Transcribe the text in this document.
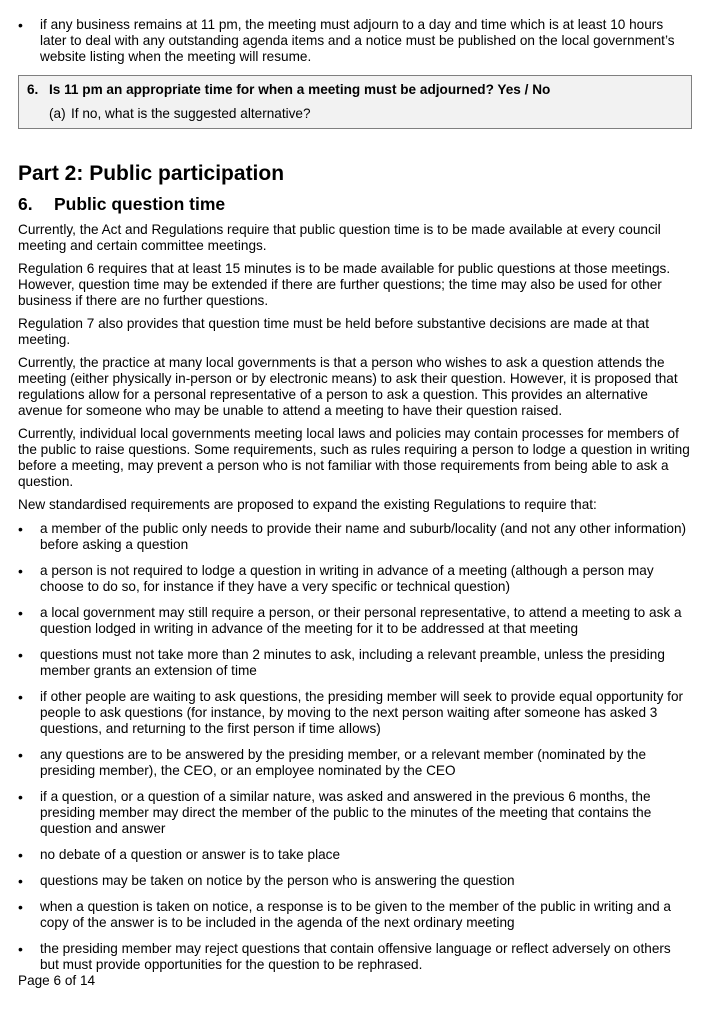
• if any business remains at 11 pm, the meeting must adjourn to a day and time which is at least 10 hours later to deal with any outstanding agenda items and a notice must be published on the local government’s website listing when the meeting will resume.
6. Is 11 pm an appropriate time for when a meeting must be adjourned? Yes / No
(a) If no, what is the suggested alternative?
Part 2: Public participation
6.	Public question time

Currently, the Act and Regulations require that public question time is to be made available at every council meeting and certain committee meetings.

Regulation 6 requires that at least 15 minutes is to be made available for public questions at those meetings. However, question time may be extended if there are further questions; the time may also be used for other business if there are no further questions.

Regulation 7 also provides that question time must be held before substantive decisions are made at that meeting.

Currently, the practice at many local governments is that a person who wishes to ask a question attends the meeting (either physically in-person or by electronic means) to ask their question. However, it is proposed that regulations allow for a personal representative of a person to ask a question. This provides an alternative avenue for someone who may be unable to attend a meeting to have their question raised.

Currently, individual local governments meeting local laws and policies may contain processes for members of the public to raise questions. Some requirements, such as rules requiring a person to lodge a question in writing before a meeting, may prevent a person who is not familiar with those requirements from being able to ask a question.

New standardised requirements are proposed to expand the existing Regulations to require that:

• a member of the public only needs to provide their name and suburb/locality (and not any other information) before asking a question
• a person is not required to lodge a question in writing in advance of a meeting (although a person may choose to do so, for instance if they have a very specific or technical question)
• a local government may still require a person, or their personal representative, to attend a meeting to ask a question lodged in writing in advance of the meeting for it to be addressed at that meeting
• questions must not take more than 2 minutes to ask, including a relevant preamble, unless the presiding member grants an extension of time
• if other people are waiting to ask questions, the presiding member will seek to provide equal opportunity for people to ask questions (for instance, by moving to the next person waiting after someone has asked 3 questions, and returning to the first person if time allows)
• any questions are to be answered by the presiding member, or a relevant member (nominated by the presiding member), the CEO, or an employee nominated by the CEO
• if a question, or a question of a similar nature, was asked and answered in the previous 6 months, the presiding member may direct the member of the public to the minutes of the meeting that contains the question and answer
• no debate of a question or answer is to take place
• questions may be taken on notice by the person who is answering the question
• when a question is taken on notice, a response is to be given to the member of the public in writing and a copy of the answer is to be included in the agenda of the next ordinary meeting
• the presiding member may reject questions that contain offensive language or reflect adversely on others but must provide opportunities for the question to be rephrased.
Page 6 of 14
